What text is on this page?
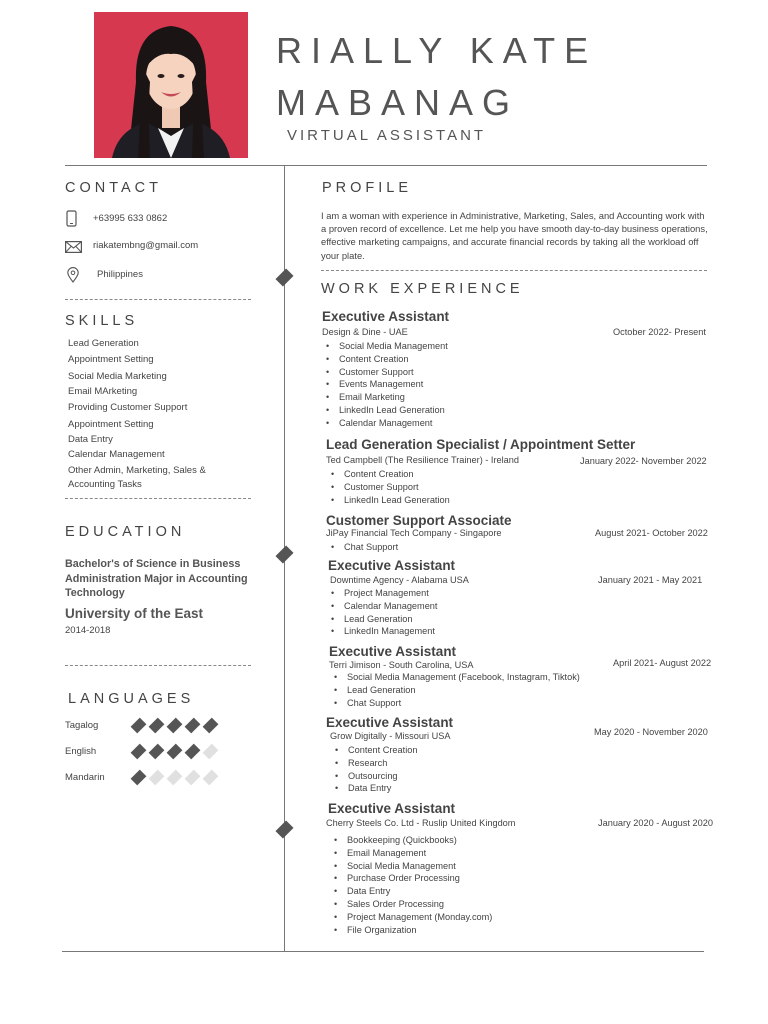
RIALLY KATE
MABANAG
VIRTUAL ASSISTANT
CONTACT
+63995 633 0862
riakatembng@gmail.com
Philippines
SKILLS
Lead Generation
Appointment Setting
Social Media Marketing
Email MArketing
Providing Customer Support
Appointment Setting
Data Entry
Calendar Management
Other Admin, Marketing, Sales &
Accounting Tasks
EDUCATION
Bachelor's of Science in Business
Administration Major in Accounting
Technology
University of the East
2014-2018
LANGUAGES
Tagalog
English
Mandarin
PROFILE
I am a woman with experience in Administrative, Marketing, Sales, and Accounting work with a proven record of excellence. Let me help you have smooth day-to-day business operations, effective marketing campaigns, and accurate financial records by taking all the workload off your plate.
WORK EXPERIENCE
Executive Assistant
Design & Dine - UAE	October 2022- Present
• Social Media Management
• Content Creation
• Customer Support
• Events Management
• Email Marketing
• LinkedIn Lead Generation
• Calendar Management
Lead Generation Specialist / Appointment Setter
Ted Campbell (The Resilience Trainer) - Ireland	January 2022- November 2022
• Content Creation
• Customer Support
• LinkedIn Lead Generation
Customer Support Associate
JiPay Financial Tech Company - Singapore	August 2021- October 2022
• Chat Support
Executive Assistant
Downtime Agency - Alabama USA	January 2021 - May 2021
• Project Management
• Calendar Management
• Lead Generation
• LinkedIn Management
Executive Assistant
Terri Jimison - South Carolina, USA	April 2021- August 2022
• Social Media Management (Facebook, Instagram, Tiktok)
• Lead Generation
• Chat Support
Executive Assistant
Grow Digitally - Missouri USA	May 2020 - November 2020
• Content Creation
• Research
• Outsourcing
• Data Entry
Executive Assistant
Cherry Steels Co. Ltd - Ruslip United Kingdom	January 2020 - August 2020
• Bookkeeping (Quickbooks)
• Email Management
• Social Media Management
• Purchase Order Processing
• Data Entry
• Sales Order Processing
• Project Management (Monday.com)
• File Organization
